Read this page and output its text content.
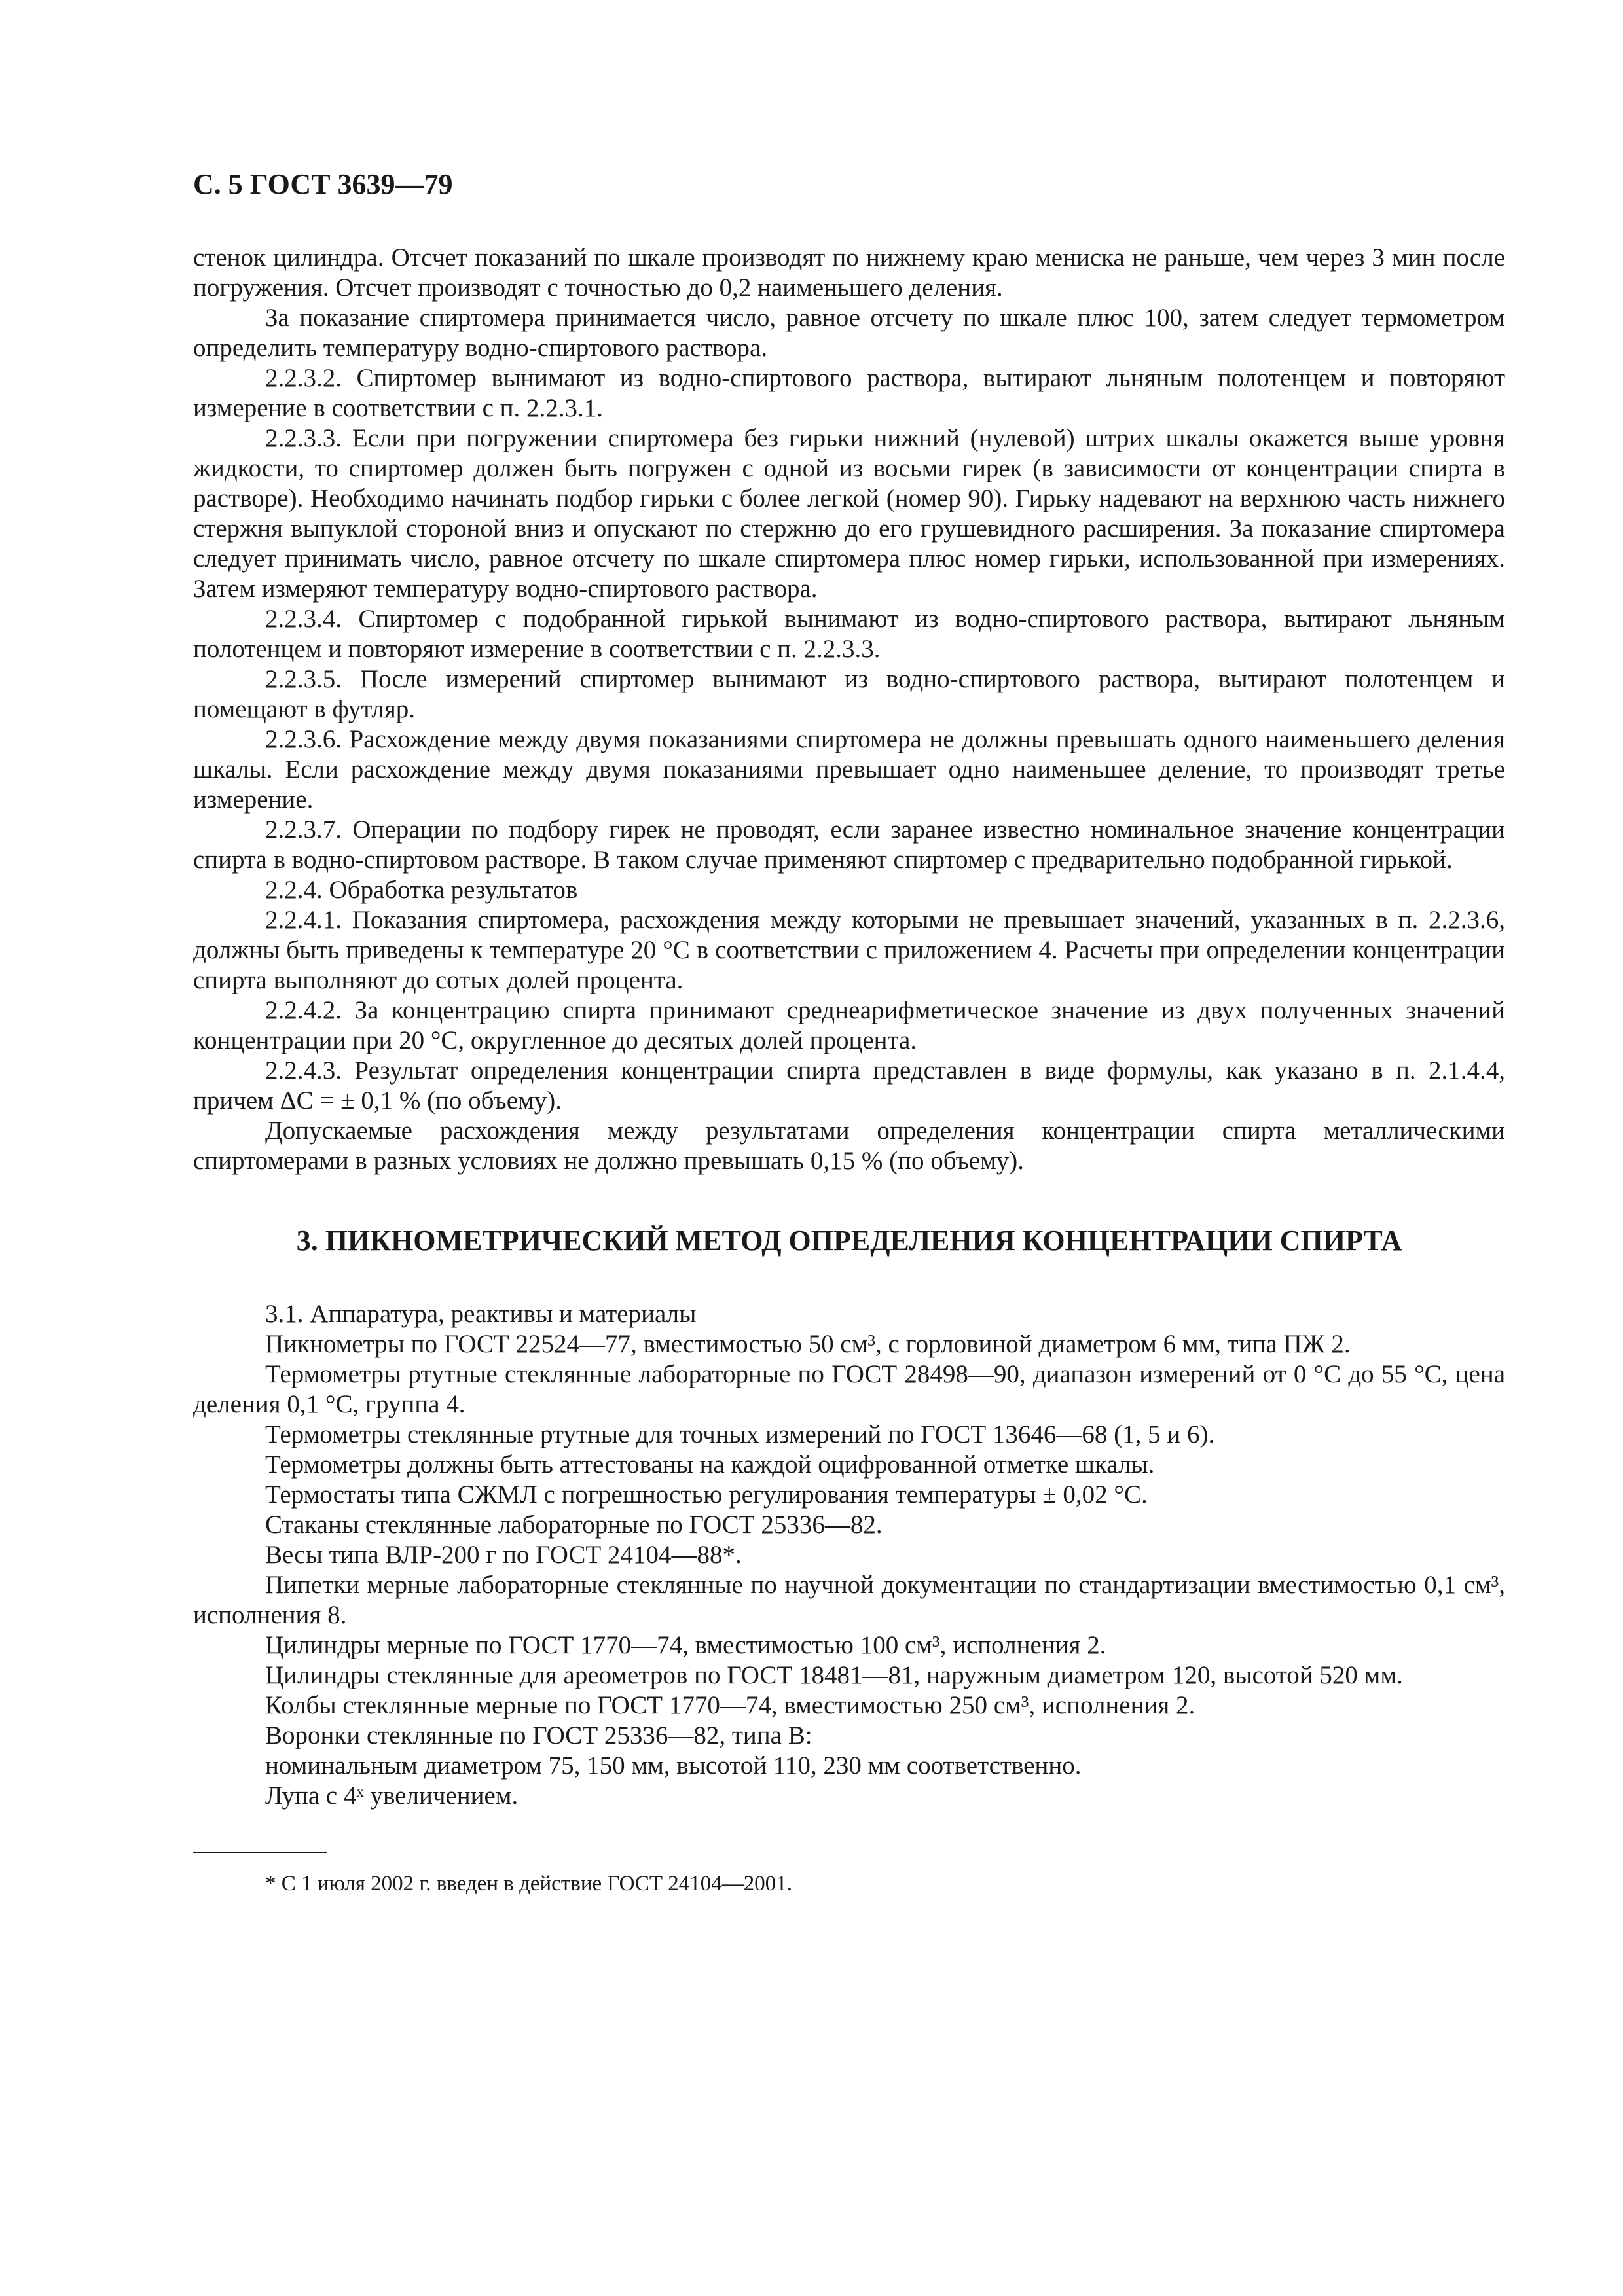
С. 5 ГОСТ 3639—79

стенок цилиндра. Отсчет показаний по шкале производят по нижнему краю мениска не раньше, чем через 3 мин после погружения. Отсчет производят с точностью до 0,2 наименьшего деления.

За показание спиртомера принимается число, равное отсчету по шкале плюс 100, затем следует термометром определить температуру водно-спиртового раствора.

2.2.3.2. Спиртомер вынимают из водно-спиртового раствора, вытирают льняным полотенцем и повторяют измерение в соответствии с п. 2.2.3.1.

2.2.3.3. Если при погружении спиртомера без гирьки нижний (нулевой) штрих шкалы окажется выше уровня жидкости, то спиртомер должен быть погружен с одной из восьми гирек (в зависимости от концентрации спирта в растворе). Необходимо начинать подбор гирьки с более легкой (номер 90). Гирьку надевают на верхнюю часть нижнего стержня выпуклой стороной вниз и опускают по стержню до его грушевидного расширения. За показание спиртомера следует принимать число, равное отсчету по шкале спиртомера плюс номер гирьки, использованной при измерениях. Затем измеряют температуру водно-спиртового раствора.

2.2.3.4. Спиртомер с подобранной гирькой вынимают из водно-спиртового раствора, вытирают льняным полотенцем и повторяют измерение в соответствии с п. 2.2.3.3.

2.2.3.5. После измерений спиртомер вынимают из водно-спиртового раствора, вытирают полотенцем и помещают в футляр.

2.2.3.6. Расхождение между двумя показаниями спиртомера не должны превышать одного наименьшего деления шкалы. Если расхождение между двумя показаниями превышает одно наименьшее деление, то производят третье измерение.

2.2.3.7. Операции по подбору гирек не проводят, если заранее известно номинальное значение концентрации спирта в водно-спиртовом растворе. В таком случае применяют спиртомер с предварительно подобранной гирькой.

2.2.4. Обработка результатов

2.2.4.1. Показания спиртомера, расхождения между которыми не превышает значений, указанных в п. 2.2.3.6, должны быть приведены к температуре 20 °С в соответствии с приложением 4. Расчеты при определении концентрации спирта выполняют до сотых долей процента.

2.2.4.2. За концентрацию спирта принимают среднеарифметическое значение из двух полученных значений концентрации при 20 °С, округленное до десятых долей процента.

2.2.4.3. Результат определения концентрации спирта представлен в виде формулы, как указано в п. 2.1.4.4, причем ΔС = ± 0,1 % (по объему).

Допускаемые расхождения между результатами определения концентрации спирта металлическими спиртомерами в разных условиях не должно превышать 0,15 % (по объему).

3. ПИКНОМЕТРИЧЕСКИЙ МЕТОД ОПРЕДЕЛЕНИЯ КОНЦЕНТРАЦИИ СПИРТА

3.1. Аппаратура, реактивы и материалы

Пикнометры по ГОСТ 22524—77, вместимостью 50 см³, с горловиной диаметром 6 мм, типа ПЖ 2.

Термометры ртутные стеклянные лабораторные по ГОСТ 28498—90, диапазон измерений от 0 °С до 55 °С, цена деления 0,1 °С, группа 4.

Термометры стеклянные ртутные для точных измерений по ГОСТ 13646—68 (1, 5 и 6).

Термометры должны быть аттестованы на каждой оцифрованной отметке шкалы.

Термостаты типа СЖМЛ с погрешностью регулирования температуры ± 0,02 °С.

Стаканы стеклянные лабораторные по ГОСТ 25336—82.

Весы типа ВЛР-200 г по ГОСТ 24104—88*.

Пипетки мерные лабораторные стеклянные по научной документации по стандартизации вместимостью 0,1 см³, исполнения 8.

Цилиндры мерные по ГОСТ 1770—74, вместимостью 100 см³, исполнения 2.

Цилиндры стеклянные для ареометров по ГОСТ 18481—81, наружным диаметром 120, высотой 520 мм.

Колбы стеклянные мерные по ГОСТ 1770—74, вместимостью 250 см³, исполнения 2.

Воронки стеклянные по ГОСТ 25336—82, типа В:

номинальным диаметром 75, 150 мм, высотой 110, 230 мм соответственно.

Лупа с 4ˣ увеличением.

* С 1 июля 2002 г. введен в действие ГОСТ 24104—2001.
